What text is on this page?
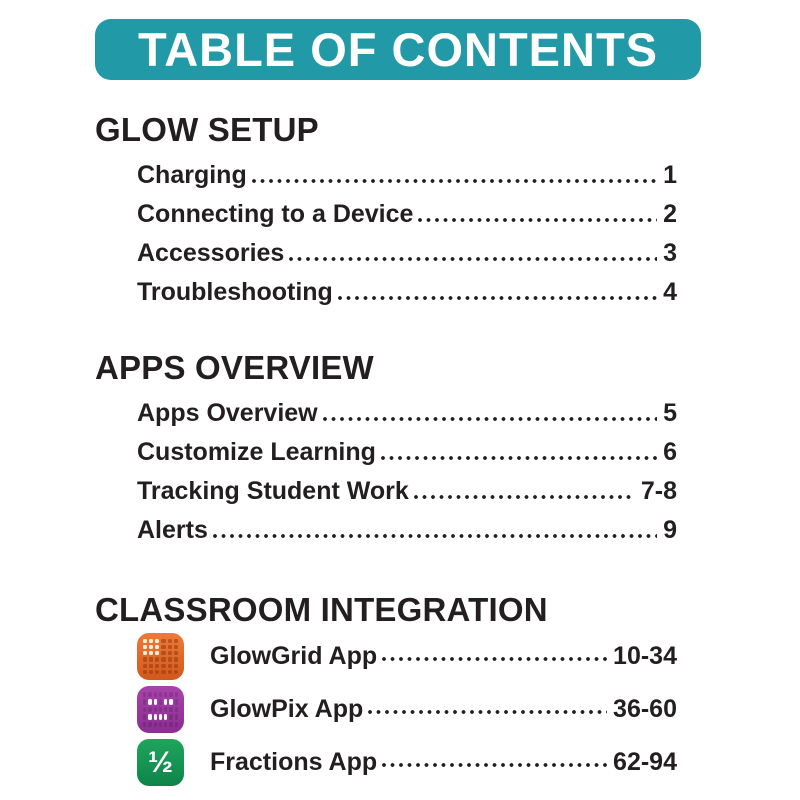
TABLE OF CONTENTS
GLOW SETUP
Charging	1
Connecting to a Device	2
Accessories	3
Troubleshooting	4
APPS OVERVIEW
Apps Overview	5
Customize Learning	6
Tracking Student Work	7-8
Alerts	9
CLASSROOM INTEGRATION
GlowGrid App	10-34
GlowPix App	36-60
½ Fractions App	62-94
